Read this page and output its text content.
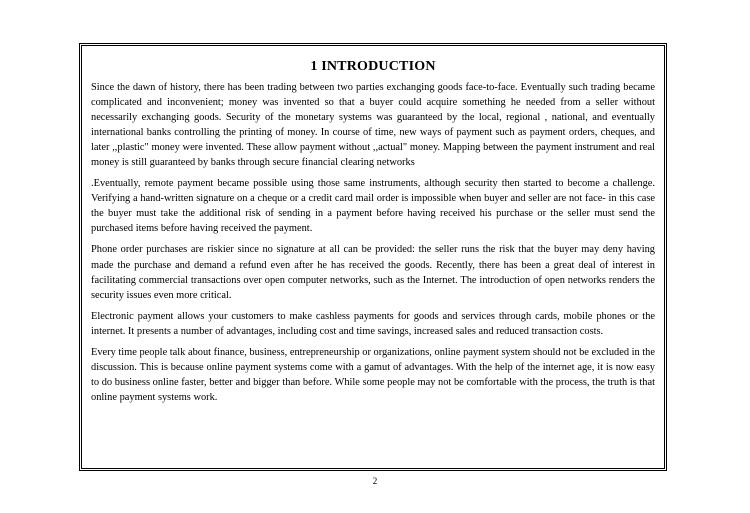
1 INTRODUCTION

Since the dawn of history, there has been trading between two parties exchanging goods face-to-face. Eventually such trading became complicated and inconvenient; money was invented so that a buyer could acquire something he needed from a seller without necessarily exchanging goods. Security of the monetary systems was guaranteed by the local, regional , national, and eventually international banks controlling the printing of money. In course of time, new ways of payment such as payment orders, cheques, and later ,,plastic" money were invented. These allow payment without ,,actual" money. Mapping between the payment instrument and real money is still guaranteed by banks through secure financial clearing networks

.Eventually, remote payment became possible using those same instruments, although security then started to become a challenge. Verifying a hand-written signature on a cheque or a credit card mail order is impossible when buyer and seller are not face- in this case the buyer must take the additional risk of sending in a payment before having received his purchase or the seller must send the purchased items before having received the payment.

Phone order purchases are riskier since no signature at all can be provided: the seller runs the risk that the buyer may deny having made the purchase and demand a refund even after he has received the goods. Recently, there has been a great deal of interest in facilitating commercial transactions over open computer networks, such as the Internet. The introduction of open networks renders the security issues even more critical.

Electronic payment allows your customers to make cashless payments for goods and services through cards, mobile phones or the internet. It presents a number of advantages, including cost and time savings, increased sales and reduced transaction costs.

Every time people talk about finance, business, entrepreneurship or organizations, online payment system should not be excluded in the discussion. This is because online payment systems come with a gamut of advantages. With the help of the internet age, it is now easy to do business online faster, better and bigger than before. While some people may not be comfortable with the process, the truth is that online payment systems work.

2
